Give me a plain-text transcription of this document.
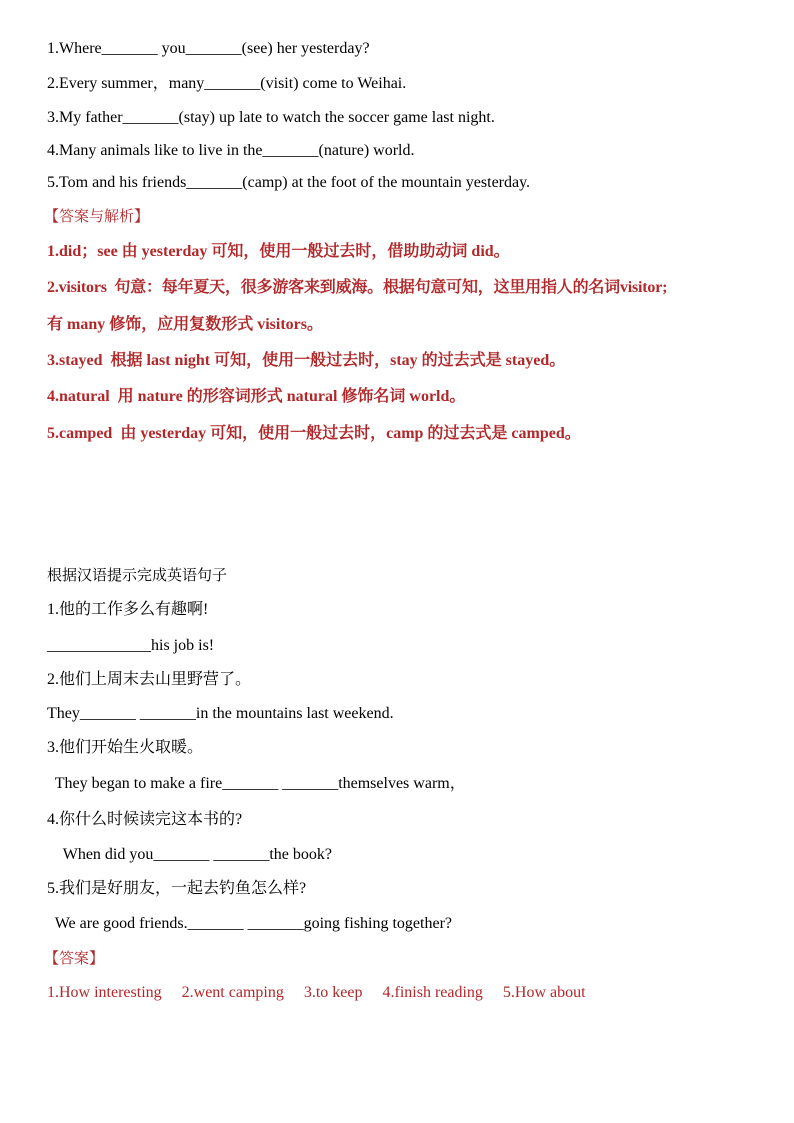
1.Where_______ you_______(see) her yesterday?
2.Every summer，many_______(visit) come to Weihai.
3.My father_______(stay) up late to watch the soccer game last night.
4.Many animals like to live in the_______(nature) world.
5.Tom and his friends_______(camp) at the foot of the mountain yesterday.
【答案与解析】
1.did；see 由 yesterday 可知，使用一般过去时，借助助动词 did。
2.visitors  句意：每年夏天，很多游客来到威海。根据句意可知，这里用指人的名词visitor;
有 many 修饰，应用复数形式 visitors。
3.stayed  根据 last night 可知，使用一般过去时，stay 的过去式是 stayed。
4.natural  用 nature 的形容词形式 natural 修饰名词 world。
5.camped  由 yesterday 可知，使用一般过去时，camp 的过去式是 camped。
根据汉语提示完成英语句子
1.他的工作多么有趣啊!
_____________his job is!
2.他们上周末去山里野营了。
They_______ _______in the mountains last weekend.
3.他们开始生火取暖。
They began to make a fire_______ _______themselves warm，
4.你什么时候读完这本书的?
When did you_______ _______the book?
5.我们是好朋友，一起去钓鱼怎么样?
We are good friends._______ _______going fishing together?
【答案】
1.How interesting     2.went camping     3.to keep     4.finish reading     5.How about
